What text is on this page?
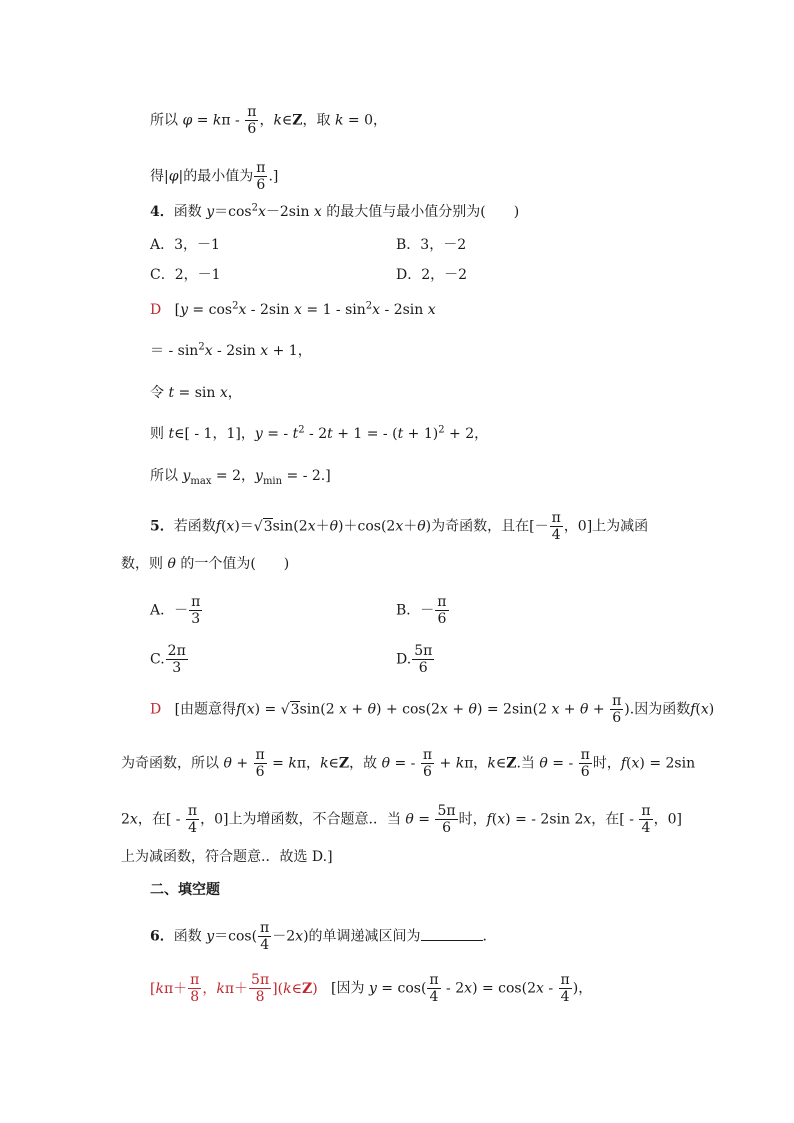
所以 $\varphi = k\pi - \frac{\pi}{6}$ ，k∈Z，取 k = 0，
得|φ|的最小值为 $\frac{\pi}{6}$ .]
4．函数 $y=\cos^2x-2\sin$ x 的最大值与最小值分别为(　　)
A．3，－1	B．3，－2
C．2，－1	D．2，－2
D [$y = \cos^2x - 2\sin$ $x = 1 - \sin^2x - 2\sin$ x
＝ - $\sin^2x - 2\sin$ x + 1，
令 t = sin x，
则 t∈[ - 1，1]，y = - $t^2 - 2t + 1$ = - $(t + 1)^2 + 2$，
所以 $y_{max} = 2$，$y_{min}$ = - 2.]
5．若函数f(x)＝√3sin(2x＋θ)＋cos(2x＋θ)为奇函数，且在[－ $\frac{\pi}{4}$ ，0]上为减函
数，则 θ 的一个值为(　　)
A．－ $\frac{\pi}{3}$	B．－ $\frac{\pi}{6}$
C. $\frac{2\pi}{3}$	D. $\frac{5\pi}{6}$
D [由题意得f(x) = √3sin(2 x + θ) + cos(2x + θ) = 2sin(2 $x + \theta + \frac{\pi}{6}$ ).因为函数f(x)
为奇函数，所以 $\theta + \frac{\pi}{6} = k\pi$，k∈Z，故 θ = - $\frac{\pi}{6} + k\pi$，k∈Z.当 θ = - $\frac{\pi}{6}$ 时，f(x) = 2sin
2x，在[ - $\frac{\pi}{4}$ ，0]上为增函数，不合题意.．当 $\theta = \frac{5\pi}{6}$ 时，f(x) = - 2sin 2x，在[ - $\frac{\pi}{4}$ ，0]
上为减函数，符合题意.．故选 D.]
二、填空题
6．函数 $y=\cos( \frac{\pi}{4} -2x)$的单调递减区间为	.
[$k\pi+ \frac{\pi}{8}$ ，$k\pi+ \frac{5\pi}{8}$ ](k∈Z) [因为 $y = \cos( \frac{\pi}{4} - 2x) = \cos(2x - \frac{\pi}{4}$ )，
